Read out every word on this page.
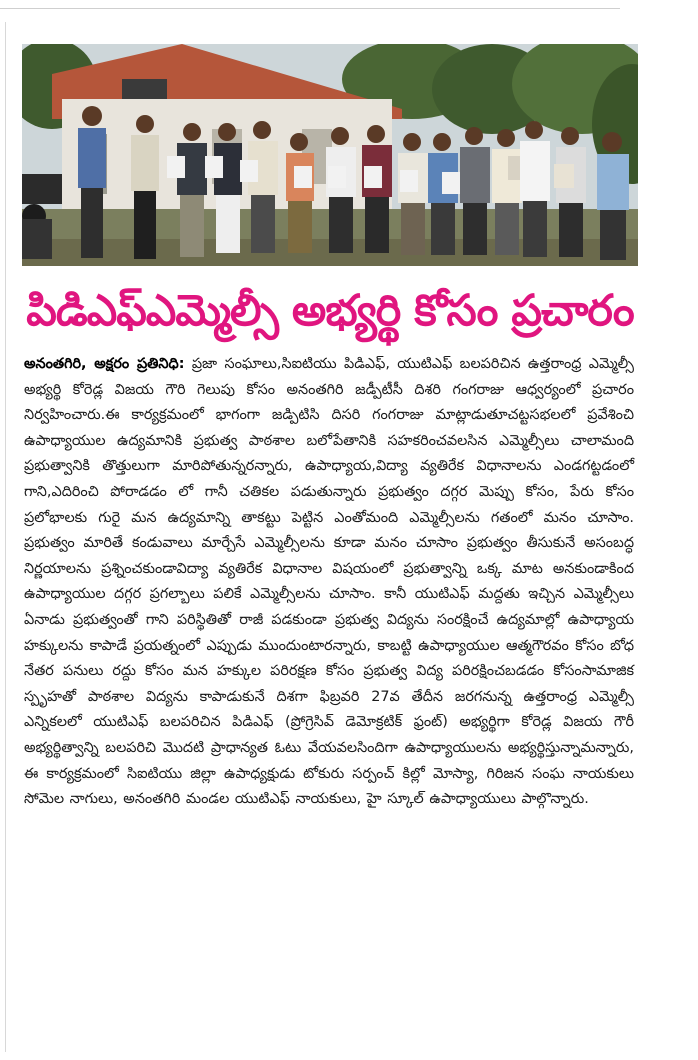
పిడిఎఫ్‌ఎమ్మెల్సీ అభ్యర్థి కోసం ప్రచారం
అనంతగిరి, అక్షరం ప్రతినిధి: ప్రజా సంఘాలు,సిఐటియు పిడిఎఫ్, యుటిఎఫ్ బలపరిచిన ఉత్తరాంధ్ర ఎమ్మెల్సీ అభ్యర్థి కోరెడ్ల విజయ గౌరి గెలుపు కోసం అనంతగిరి జడ్పీటీసీ దిశరి గంగరాజు ఆధ్వర్యంలో ప్రచారం నిర్వహించారు.ఈ కార్యక్రమంలో భాగంగా జడ్పిటిసి దిసరి గంగరాజు మాట్లాడుతూచట్టసభలలో ప్రవేశించి ఉపాధ్యాయుల ఉద్యమానికి ప్రభుత్వ పాఠశాల బలోపేతానికి సహకరించవలసిన ఎమ్మెల్సీలు చాలామంది ప్రభుత్వానికి తొత్తులుగా మారిపోతున్నరన్నారు, ఉపాధ్యాయ,విద్యా వ్యతిరేక విధానాలను ఎండగట్టడంలో గాని,ఎదిరించి పోరాడడం లో గానీ చతికల పడుతున్నారు ప్రభుత్వం దగ్గర మెప్పు కోసం, పేరు కోసం ప్రలోభాలకు గురై మన ఉద్యమాన్ని తాకట్టు పెట్టిన ఎంతోమంది ఎమ్మెల్సీలను గతంలో మనం చూసాం. ప్రభుత్వం మారితే కండువాలు మార్చేసే ఎమ్మెల్సీలను కూడా మనం చూసాం ప్రభుత్వం తీసుకునే అసంబద్ధ నిర్ణయాలను ప్రశ్నించకుండావిద్యా వ్యతిరేక విధానాల విషయంలో ప్రభుత్వాన్ని ఒక్క మాట అనకుండాకింద ఉపాధ్యాయుల దగ్గర ప్రగల్బాలు పలికే ఎమ్మెల్సీలను చూసాం. కానీ యుటిఎఫ్ మద్దతు ఇచ్చిన ఎమ్మెల్సీలు ఏనాడు ప్రభుత్వంతో గాని పరిస్థితితో రాజీ పడకుండా ప్రభుత్వ విద్యను సంరక్షించే ఉద్యమాల్లో ఉపాధ్యాయ హక్కులను కాపాడే ప్రయత్నంలో ఎప్పుడు ముందుంటారన్నారు, కాబట్టి ఉపాధ్యాయుల ఆత్మగౌరవం కోసం బోధ నేతర పనులు రద్దు కోసం మన హక్కుల పరిరక్షణ కోసం ప్రభుత్వ విద్య పరిరక్షించబడడం కోసంసామాజిక స్పృహతో పాఠశాల విద్యను కాపాడుకునే దిశగా ఫిబ్రవరి 27వ తేదీన జరగనున్న ఉత్తరాంధ్ర ఎమ్మెల్సీ ఎన్నికలలో యుటిఎఫ్ బలపరిచిన పిడిఎఫ్ (ప్రోగ్రెసివ్ డెమోక్రటిక్ ఫ్రంట్) అభ్యర్థిగా కోరెడ్ల విజయ గౌరీ అభ్యర్థిత్వాన్ని బలపరిచి మొదటి ప్రాధాన్యత ఓటు వేయవలసిందిగా ఉపాధ్యాయులను అభ్యర్థిస్తున్నామన్నారు, ఈ కార్యక్రమంలో సిఐటియు జిల్లా ఉపాధ్యక్షుడు టోకురు సర్పంచ్ కిల్లో మోస్యా, గిరిజన సంఘ నాయకులు సోమెల నాగులు, అనంతగిరి మండల యుటిఎఫ్ నాయకులు, హై స్కూల్ ఉపాధ్యాయులు పాల్గొన్నారు.
